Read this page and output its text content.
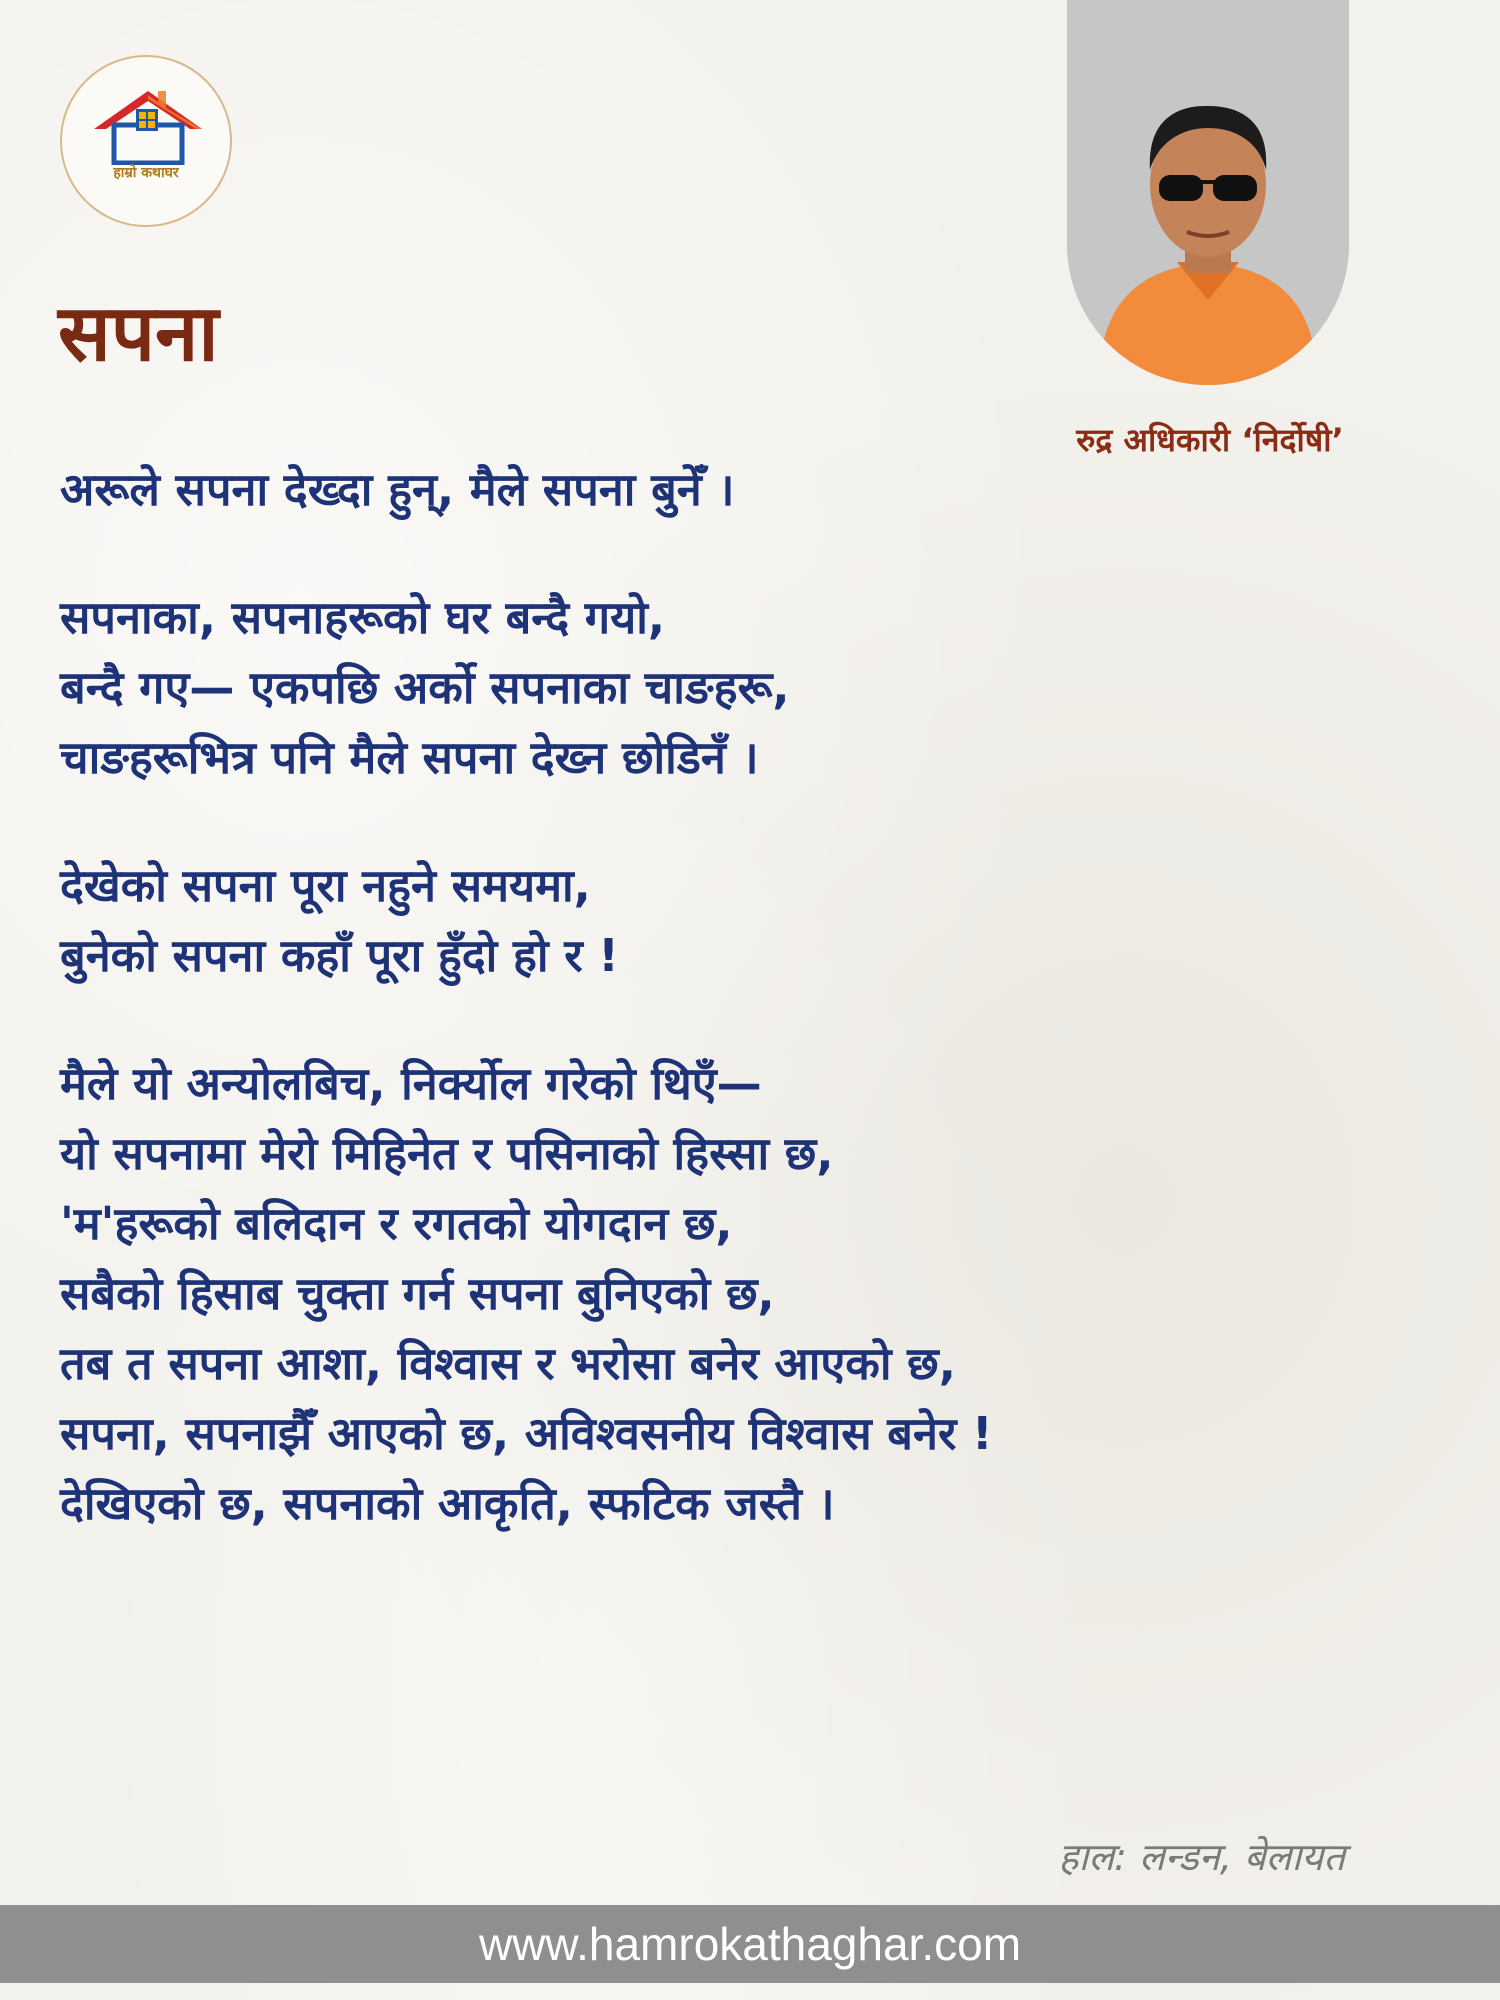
हाम्रो कथाघर
रुद्र अधिकारी ‘निर्दोषी’
सपना
अरूले सपना देख्दा हुन्, मैले सपना बुनेँ ।
सपनाका, सपनाहरूको घर बन्दै गयो,
बन्दै गए— एकपछि अर्को सपनाका चाङहरू,
चाङहरूभित्र पनि मैले सपना देख्न छोडिनँ ।
देखेको सपना पूरा नहुने समयमा,
बुनेको सपना कहाँ पूरा हुँदो हो र !
मैले यो अन्योलबिच, निर्क्योल गरेको थिएँ—
यो सपनामा मेरो मिहिनेत र पसिनाको हिस्सा छ,
'म'हरूको बलिदान र रगतको योगदान छ,
सबैको हिसाब चुक्ता गर्न सपना बुनिएको छ,
तब त सपना आशा, विश्वास र भरोसा बनेर आएको छ,
सपना, सपनाझैँ आएको छ, अविश्वसनीय विश्वास बनेर !
देखिएको छ, सपनाको आकृति, स्फटिक जस्तै ।
हाल: लन्डन, बेलायत
www.hamrokathaghar.com
